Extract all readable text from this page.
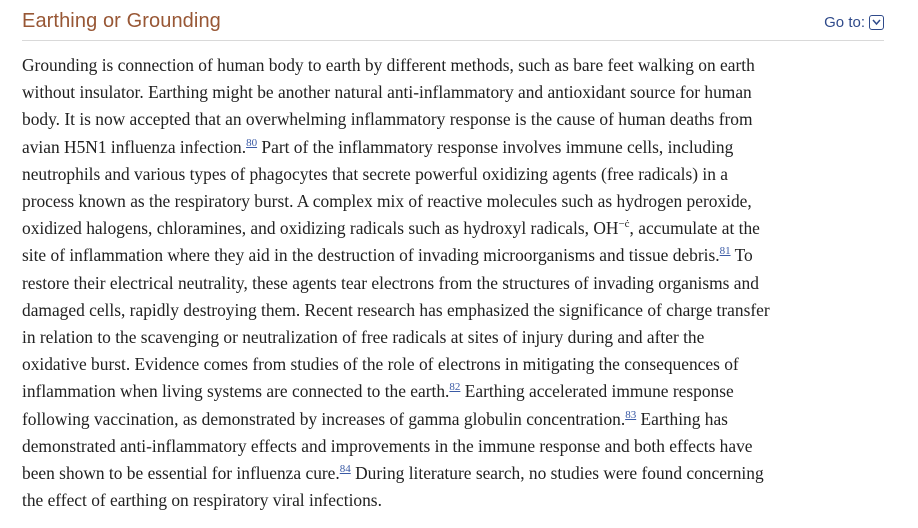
Earthing or Grounding	Go to:
Grounding is connection of human body to earth by different methods, such as bare feet walking on earth
without insulator. Earthing might be another natural anti-inflammatory and antioxidant source for human
body. It is now accepted that an overwhelming inflammatory response is the cause of human deaths from
avian H5N1 influenza infection.$^{80}$ Part of the inflammatory response involves immune cells, including
neutrophils and various types of phagocytes that secrete powerful oxidizing agents (free radicals) in a
process known as the respiratory burst. A complex mix of reactive molecules such as hydrogen peroxide,
oxidized halogens, chloramines, and oxidizing radicals such as hydroxyl radicals, $OH^{-ċ}$, accumulate at the
site of inflammation where they aid in the destruction of invading microorganisms and tissue debris.$^{81}$ To
restore their electrical neutrality, these agents tear electrons from the structures of invading organisms and
damaged cells, rapidly destroying them. Recent research has emphasized the significance of charge transfer
in relation to the scavenging or neutralization of free radicals at sites of injury during and after the
oxidative burst. Evidence comes from studies of the role of electrons in mitigating the consequences of
inflammation when living systems are connected to the earth.$^{82}$ Earthing accelerated immune response
following vaccination, as demonstrated by increases of gamma globulin concentration.$^{83}$ Earthing has
demonstrated anti-inflammatory effects and improvements in the immune response and both effects have
been shown to be essential for influenza cure.$^{84}$ During literature search, no studies were found concerning
the effect of earthing on respiratory viral infections.
